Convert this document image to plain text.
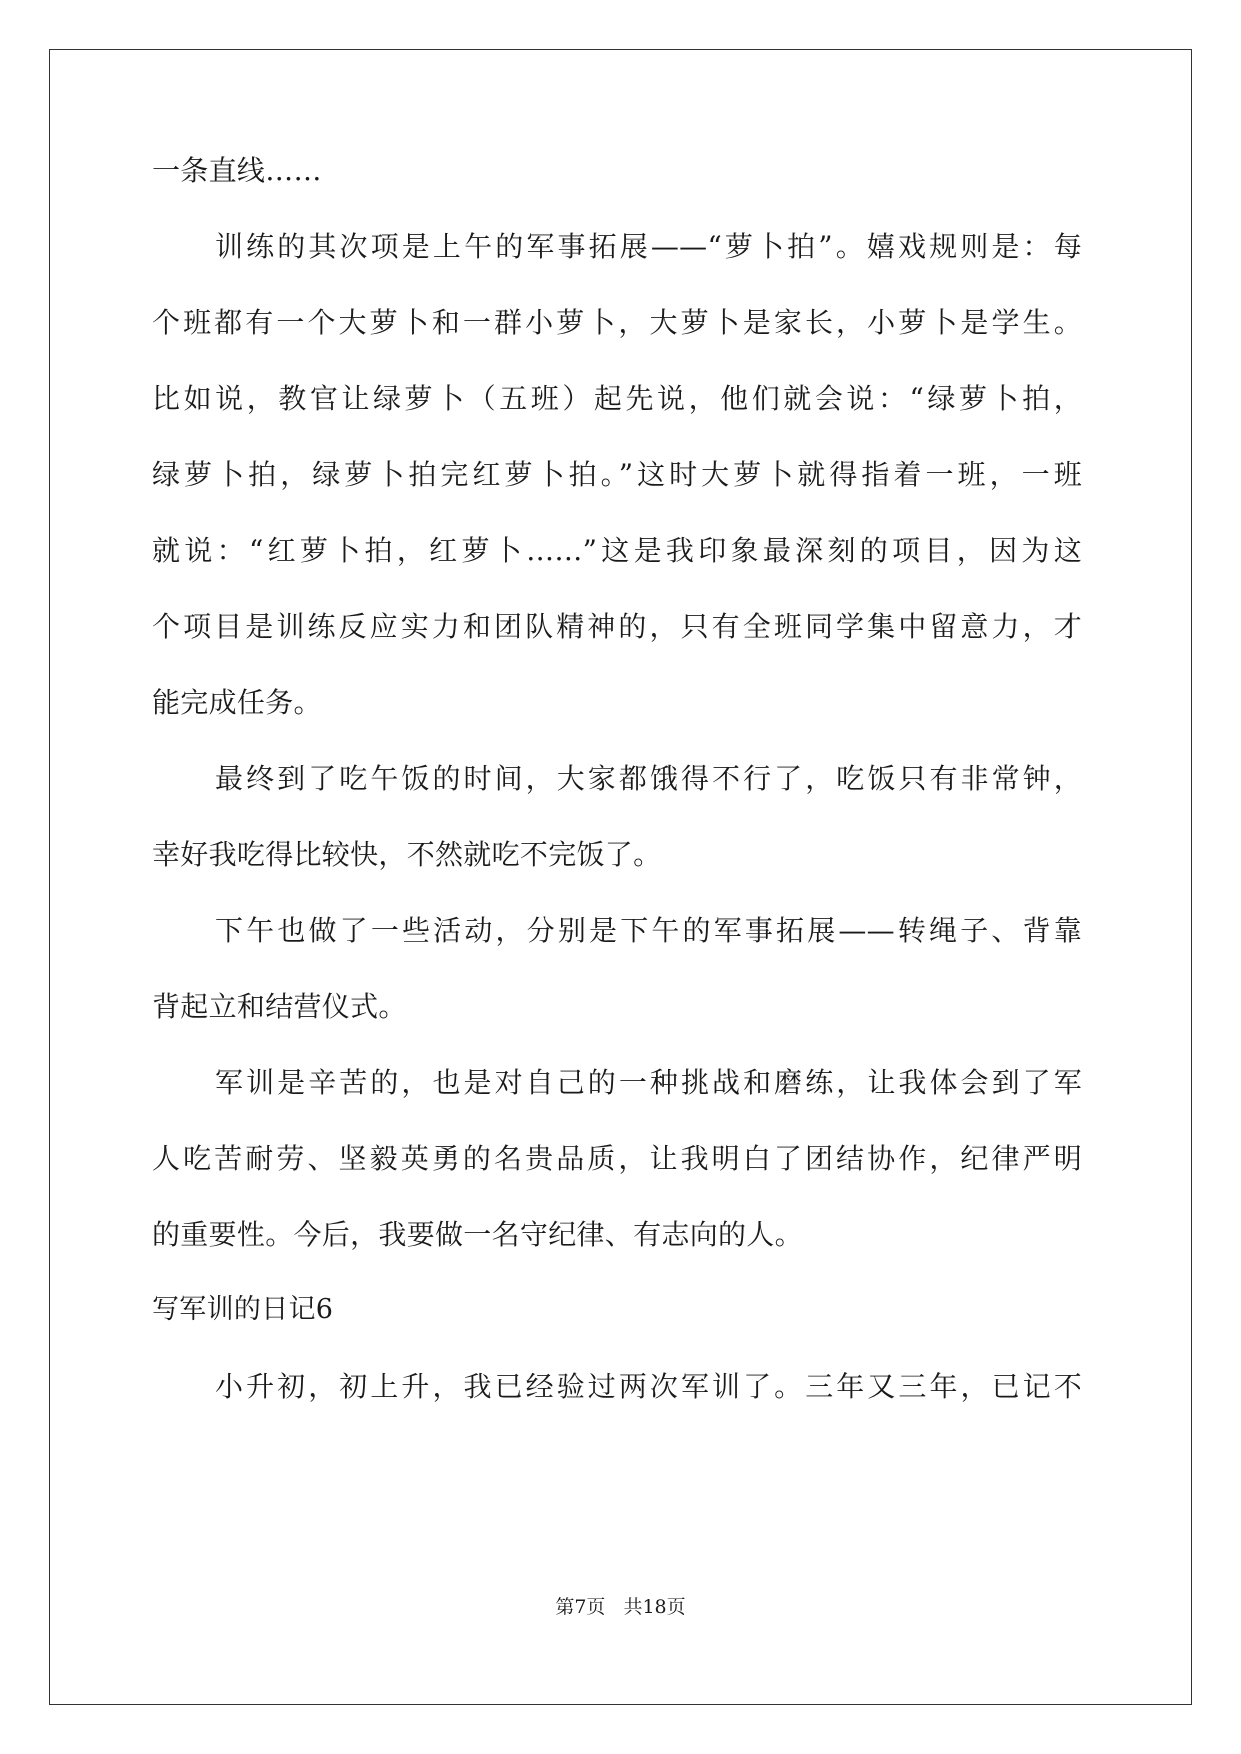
一条直线……
训练的其次项是上午的军事拓展——“萝卜拍”。嬉戏规则是：每
个班都有一个大萝卜和一群小萝卜，大萝卜是家长，小萝卜是学生。
比如说，教官让绿萝卜（五班）起先说，他们就会说：“绿萝卜拍，
绿萝卜拍，绿萝卜拍完红萝卜拍。”这时大萝卜就得指着一班，一班
就说：“红萝卜拍，红萝卜……”这是我印象最深刻的项目，因为这
个项目是训练反应实力和团队精神的，只有全班同学集中留意力，才
能完成任务。
最终到了吃午饭的时间，大家都饿得不行了，吃饭只有非常钟，
幸好我吃得比较快，不然就吃不完饭了。
下午也做了一些活动，分别是下午的军事拓展——转绳子、背靠
背起立和结营仪式。
军训是辛苦的，也是对自己的一种挑战和磨练，让我体会到了军
人吃苦耐劳、坚毅英勇的名贵品质，让我明白了团结协作，纪律严明
的重要性。今后，我要做一名守纪律、有志向的人。
写军训的日记6
小升初，初上升，我已经验过两次军训了。三年又三年，已记不
第7页 共18页
